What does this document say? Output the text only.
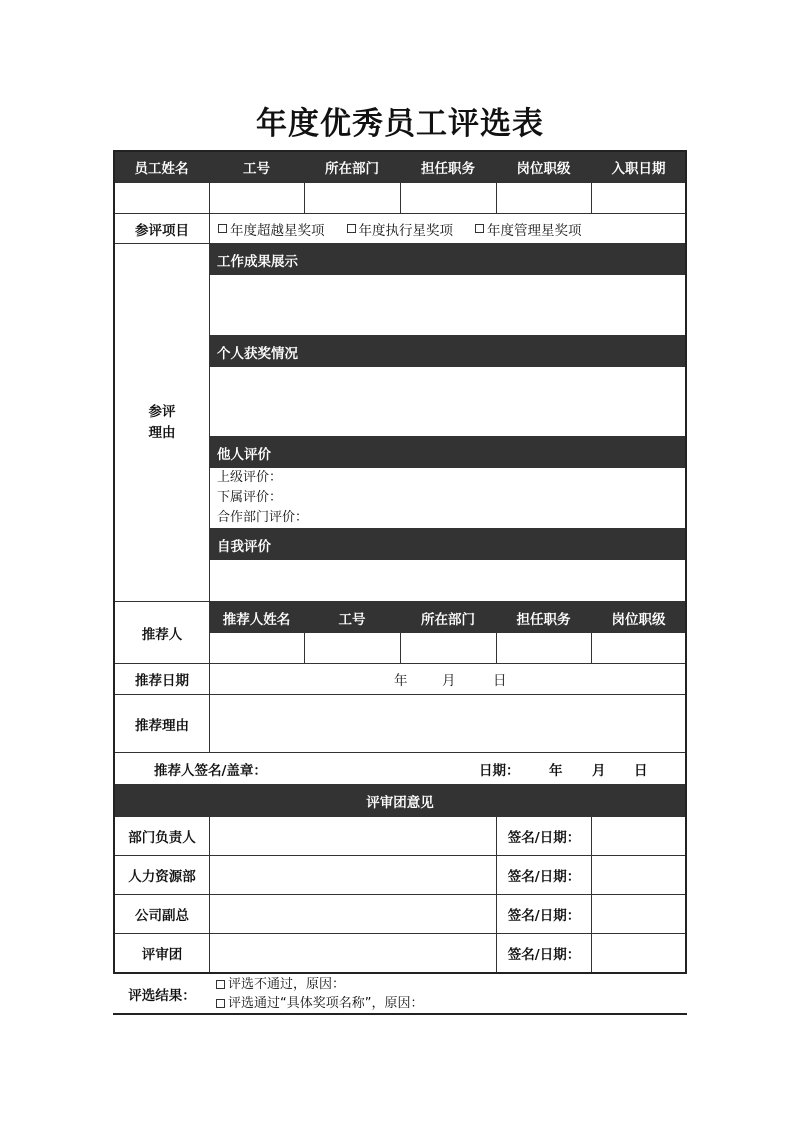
年度优秀员工评选表
员工姓名	工号	所在部门	担任职务	岗位职级	入职日期
参评项目	年度超越星奖项	年度执行星奖项	年度管理星奖项
参评
理由
工作成果展示
个人获奖情况
他人评价
上级评价：
下属评价：
合作部门评价：
自我评价
推荐人
推荐人姓名	工号	所在部门	担任职务	岗位职级
推荐日期	年	月	日
推荐理由
推荐人签名/盖章：	日期： 年 月 日
评审团意见
部门负责人	签名/日期：
人力资源部	签名/日期：
公司副总	签名/日期：
评审团	签名/日期：
评选结果：
评选不通过，原因：
评选通过“具体奖项名称”，原因：
